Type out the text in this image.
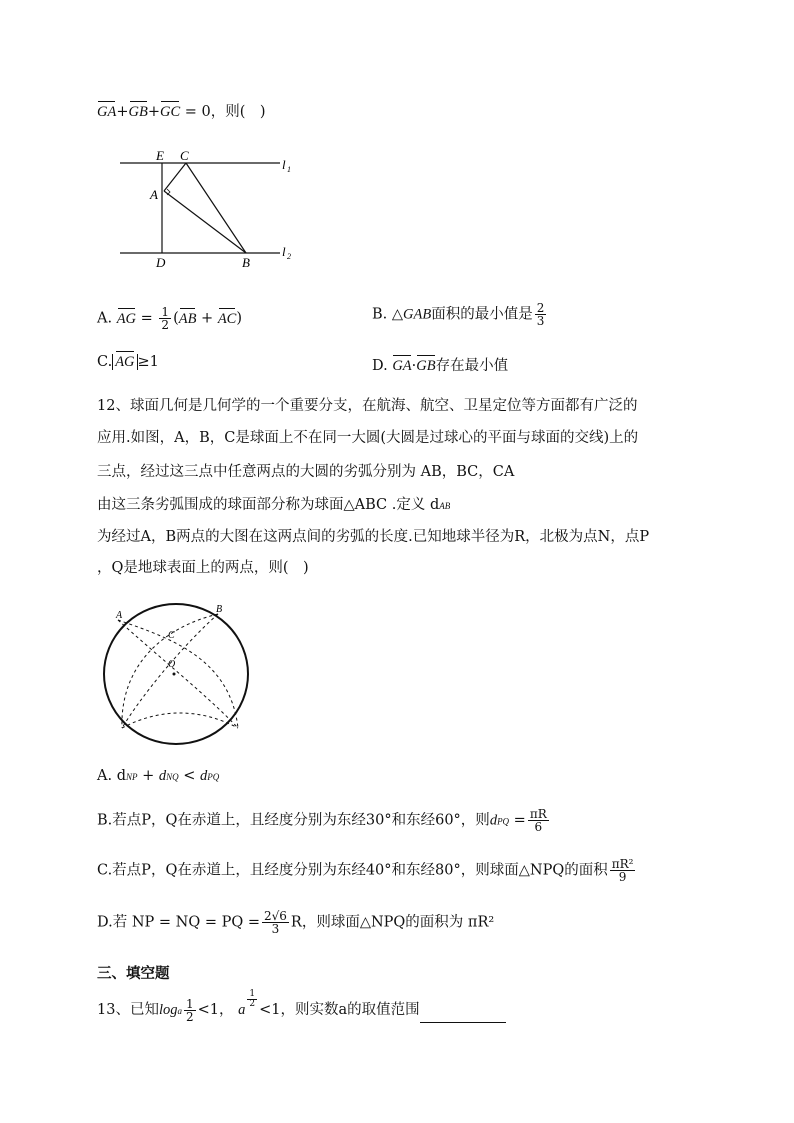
GA+GB+GC = 0，则(　)
E C
l 1
A
D	B
l 2
A. AG = $\frac{1}{2} (AB + AC)$	B. △GAB面积的最小值是 $\frac{2}{3}$
C. AG ≥1	D. GA·GB存在最小值
12、球面几何是几何学的一个重要分支，在航海、航空、卫星定位等方面都有广泛的
应用.如图，A，B，C是球面上不在同一大圆(大圆是过球心的平面与球面的交线)上的
三点，经过这三点中任意两点的大圆的劣弧分别为 AB，BC，CA
由这三条劣弧围成的球面部分称为球面△ABC .定义 dAB
为经过A，B两点的大图在这两点间的劣弧的长度.已知地球半径为R，北极为点N，点P
，Q是地球表面上的两点，则(　)
A
B
C
O
A. dNP + dNQ < dPQ
B.若点P，Q在赤道上，且经度分别为东经30°和东经60°，则dPQ = $\frac{\pi R}{6}$
C.若点P，Q在赤道上，且经度分别为东经40°和东经80°，则球面△NPQ的面积 $\frac{\text{πR²}}{9}$
D.若 NP = NQ = PQ = $\frac{2√6}{3}$ R，则球面△NPQ的面积为 πR²
三、填空题
13、已知loga $\frac{1}{2} <1$， a
$^{\frac{1}{2}}$
<1，则实数a的取值范围
